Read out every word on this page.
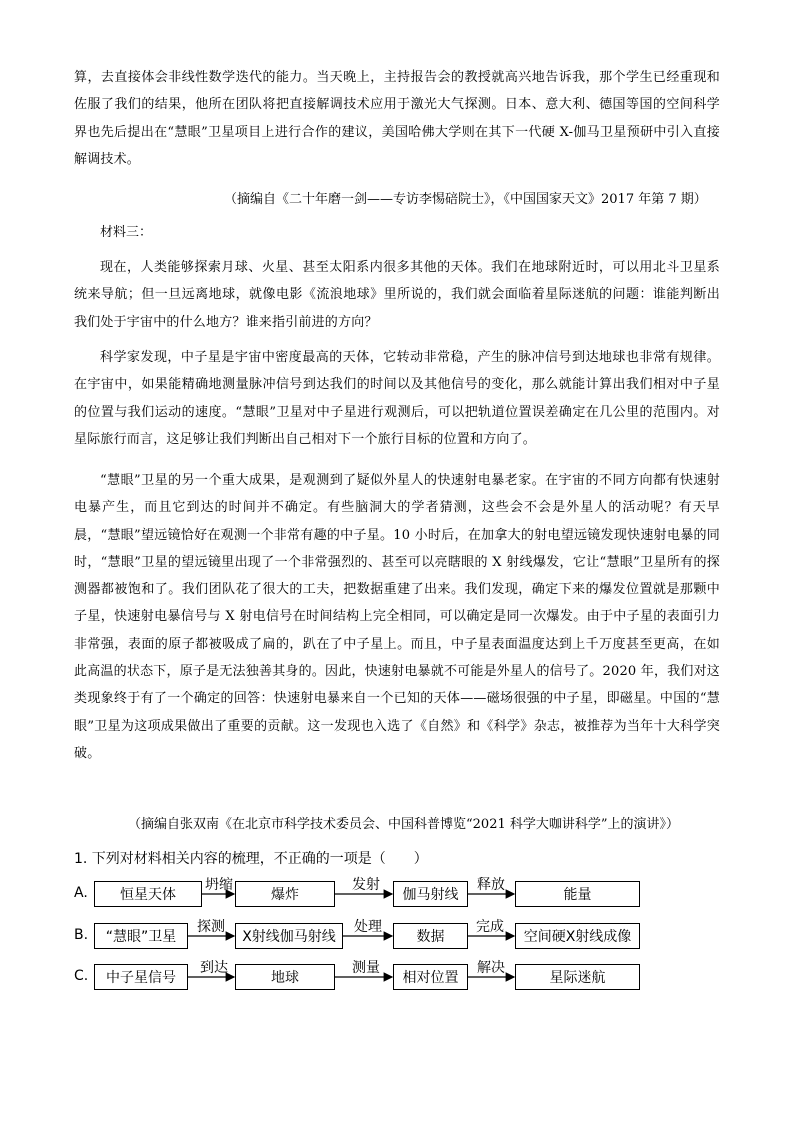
算，去直接体会非线性数学迭代的能力。当天晚上，主持报告会的教授就高兴地告诉我，那个学生已经重现和佐服了我们的结果，他所在团队将把直接解调技术应用于激光大气探测。日本、意大利、德国等国的空间科学界也先后提出在“慧眼”卫星项目上进行合作的建议，美国哈佛大学则在其下一代硬 X-伽马卫星预研中引入直接解调技术。

（摘编自《二十年磨一剑——专访李惕碚院士》，《中国国家天文》2017 年第 7 期）

材料三：

现在，人类能够探索月球、火星、甚至太阳系内很多其他的天体。我们在地球附近时，可以用北斗卫星系统来导航；但一旦远离地球，就像电影《流浪地球》里所说的，我们就会面临着星际迷航的问题：谁能判断出我们处于宇宙中的什么地方？谁来指引前进的方向？

科学家发现，中子星是宇宙中密度最高的天体，它转动非常稳，产生的脉冲信号到达地球也非常有规律。在宇宙中，如果能精确地测量脉冲信号到达我们的时间以及其他信号的变化，那么就能计算出我们相对中子星的位置与我们运动的速度。“慧眼”卫星对中子星进行观测后，可以把轨道位置误差确定在几公里的范围内。对星际旅行而言，这足够让我们判断出自己相对下一个旅行目标的位置和方向了。

“慧眼”卫星的另一个重大成果，是观测到了疑似外星人的快速射电暴老家。在宇宙的不同方向都有快速射电暴产生，而且它到达的时间并不确定。有些脑洞大的学者猜测，这些会不会是外星人的活动呢？有天早晨，“慧眼”望远镜恰好在观测一个非常有趣的中子星。10 小时后，在加拿大的射电望远镜发现快速射电暴的同时，“慧眼”卫星的望远镜里出现了一个非常强烈的、甚至可以亮瞎眼的 X 射线爆发，它让“慧眼”卫星所有的探测器都被饱和了。我们团队花了很大的工夫，把数据重建了出来。我们发现，确定下来的爆发位置就是那颗中子星，快速射电暴信号与 X 射电信号在时间结构上完全相同，可以确定是同一次爆发。由于中子星的表面引力非常强，表面的原子都被吸成了扁的，趴在了中子星上。而且，中子星表面温度达到上千万度甚至更高，在如此高温的状态下，原子是无法独善其身的。因此，快速射电暴就不可能是外星人的信号了。2020 年，我们对这类现象终于有了一个确定的回答：快速射电暴来自一个已知的天体——磁场很强的中子星，即磁星。中国的“慧眼”卫星为这项成果做出了重要的贡献。这一发现也入选了《自然》和《科学》杂志，被推荐为当年十大科学突破。

（摘编自张双南《在北京市科学技术委员会、中国科普博览“2021 科学大咖讲科学”上的演讲》）

1. 下列对材料相关内容的梳理，不正确的一项是（　　）

A.	恒星天体	爆炸	伽马射线	能量

坍缩	发射	释放

B.	“慧眼”卫星	X射线伽马射线	数据	空间硬X射线成像

探测	处理	完成

C.	中子星信号	地球	相对位置	星际迷航

到达	测量	解决
